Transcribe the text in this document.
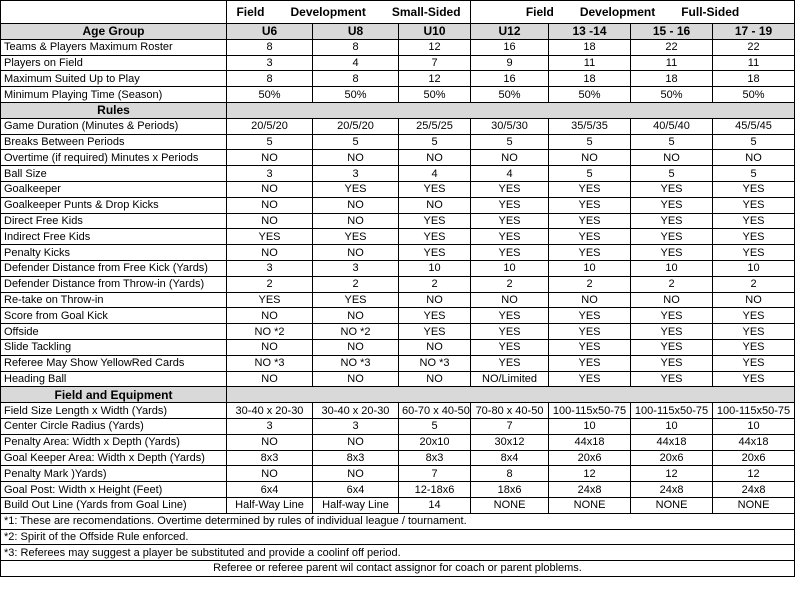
	Field Development Small-Sided			Field Development Full-Sided			
Age Group	U6	U8	U10	U12	13 -14	15 - 16	17 - 19
Teams & Players Maximum Roster	8	8	12	16	18	22	22
Players on Field	3	4	7	9	11	11	11
Maximum Suited Up to Play	8	8	12	16	18	18	18
Minimum Playing Time (Season)	50%	50%	50%	50%	50%	50%	50%
Rules							
Game Duration (Minutes & Periods)	20/5/20	20/5/20	25/5/25	30/5/30	35/5/35	40/5/40	45/5/45
Breaks Between Periods	5	5	5	5	5	5	5
Overtime (if required) Minutes x Periods	NO	NO	NO	NO	NO	NO	NO
Ball Size	3	3	4	4	5	5	5
Goalkeeper	NO	YES	YES	YES	YES	YES	YES
Goalkeeper Punts & Drop Kicks	NO	NO	NO	YES	YES	YES	YES
Direct Free Kids	NO	NO	YES	YES	YES	YES	YES
Indirect Free Kids	YES	YES	YES	YES	YES	YES	YES
Penalty Kicks	NO	NO	YES	YES	YES	YES	YES
Defender Distance from Free Kick (Yards)	3	3	10	10	10	10	10
Defender Distance from Throw-in (Yards)	2	2	2	2	2	2	2
Re-take on Throw-in	YES	YES	NO	NO	NO	NO	NO
Score from Goal Kick	NO	NO	YES	YES	YES	YES	YES
Offside	NO *2	NO *2	YES	YES	YES	YES	YES
Slide Tackling	NO	NO	NO	YES	YES	YES	YES
Referee May Show YellowRed Cards	NO *3	NO *3	NO *3	YES	YES	YES	YES
Heading Ball	NO	NO	NO	NO/Limited	YES	YES	YES
Field and Equipment							
Field Size Length x Width (Yards)	30-40 x 20-30	30-40 x 20-30	60-70 x 40-50	70-80 x 40-50	100-115x50-75	100-115x50-75	100-115x50-75
Center Circle Radius (Yards)	3	3	5	7	10	10	10
Penalty Area: Width x Depth (Yards)	NO	NO	20x10	30x12	44x18	44x18	44x18
Goal Keeper Area: Width x Depth (Yards)	8x3	8x3	8x3	8x4	20x6	20x6	20x6
Penalty Mark )Yards)	NO	NO	7	8	12	12	12
Goal Post: Width x Height (Feet)	6x4	6x4	12-18x6	18x6	24x8	24x8	24x8
Build Out Line (Yards from Goal Line)	Half-Way Line	Half-way Line	14	NONE	NONE	NONE	NONE
*1: These are recomendations. Overtime determined by rules of individual league / tournament.							
*2: Spirit of the Offside Rule enforced.							
*3: Referees may suggest a player be substituted and provide a coolinf off period.							
Referee or referee parent wil contact assignor for coach or parent ploblems.							
